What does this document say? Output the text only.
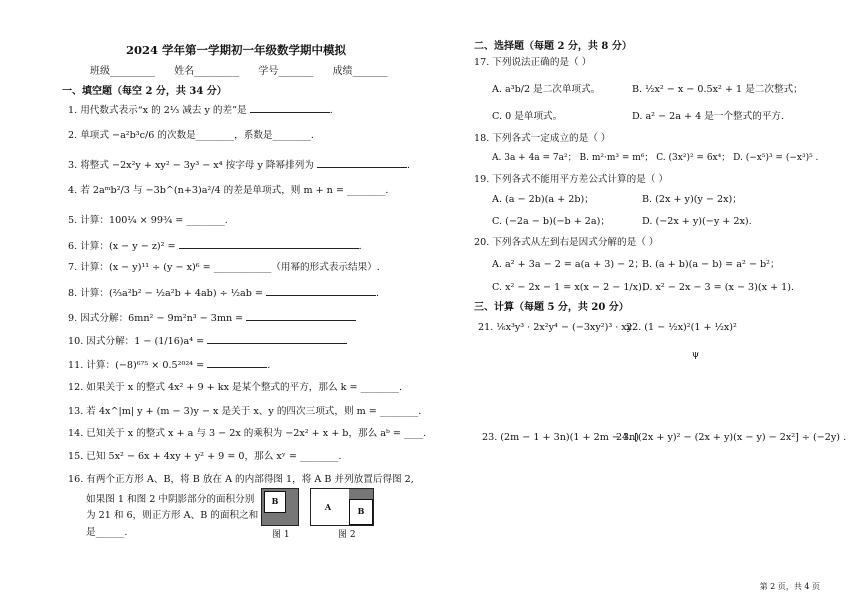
2024 学年第一学期初一年级数学期中模拟
班级_________ 姓名_________ 学号_______ 成绩_______
一、填空题（每空 2 分，共 34 分）
1. 用代数式表示“x 的 2⅓ 减去 y 的差”是	.
2. 单项式 −a²b³c/6 的次数是________，系数是________.
3. 将整式 −2x²y + xy² − 3y³ − x⁴ 按字母 y 降幂排列为	.
4. 若 2aᵐb²/3 与 −3b^(n+3)a²/4 的差是单项式，则 m + n = ________.
5. 计算：100¼ × 99¾ = ________.
6. 计算：(x − y − z)² =	.
7. 计算：(x − y)¹¹ ÷ (y − x)⁶ = ____________（用幂的形式表示结果）.
8. 计算：(⅔a²b² − ½a²b + 4ab) ÷ ½ab =	.
9. 因式分解：6mn² − 9m²n³ − 3mn =
10. 因式分解：1 − (1/16)a⁴ =
11. 计算：(−8)⁶⁷⁵ × 0.5²⁰²⁴ =	.
12. 如果关于 x 的整式 4x² + 9 + kx 是某个整式的平方，那么 k = ________.
13. 若 4x^|m| y + (m − 3)y − x 是关于 x、y 的四次三项式，则 m = ________.
14. 已知关于 x 的整式 x + a 与 3 − 2x 的乘积为 −2x² + x + b，那么 aᵇ = ____.
15. 已知 5x² − 6x + 4xy + y² + 9 = 0，那么 xʸ = ________.
16. 有两个正方形 A、B，将 B 放在 A 的内部得图 1，将 A B 并列放置后得图 2,
如果图 1 和图 2 中阴影部分的面积分别
为 21 和 6，则正方形 A、B 的面积之和
是______.
B
图 1
A	B
图 2
二、选择题（每题 2 分，共 8 分）
17. 下列说法正确的是（ ）
A. a³b/2 是二次单项式。	B. ½x² − x − 0.5x² + 1 是二次整式；
C. 0 是单项式。	D. a² − 2a + 4 是一个整式的平方.
18. 下列各式一定成立的是（ ）
A. 3a + 4a = 7a²； B. m²·m³ = m⁶； C. (3x²)² = 6x⁴； D. (−x⁵)³ = (−x³)⁵ .
19. 下列各式不能用平方差公式计算的是（ ）
A. (a − 2b)(a + 2b)；	B. (2x + y)(y − 2x)；
C. (−2a − b)(−b + 2a)；	D. (−2x + y)(−y + 2x).
20. 下列各式从左到右是因式分解的是（ ）
A. a² + 3a − 2 = a(a + 3) − 2；
B. (a + b)(a − b) = a² − b²；
C. x² − 2x − 1 = x(x − 2 − 1/x)；
D. x² − 2x − 3 = (x − 3)(x + 1).
三、计算（每题 5 分，共 20 分）
21. ⅙x³y³ · 2x²y⁴ − (−3xy²)³ · xy
22. (1 − ½x)²(1 + ½x)²
ψ
23. (2m − 1 + 3n)(1 + 2m − 3n)
24. [(2x + y)² − (2x + y)(x − y) − 2x²] ÷ (−2y) .
第 2 页，共 4 页
